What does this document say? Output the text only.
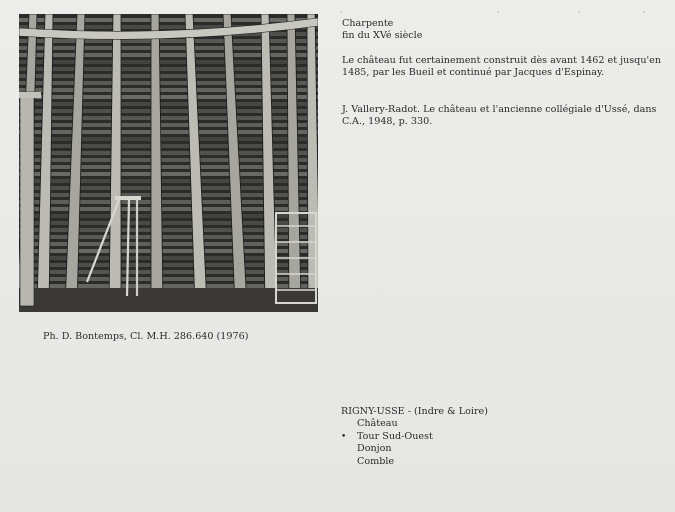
Charpente
fin du XVé siècle
Le château fut certainement construit dès avant 1462 et jusqu'en 1485, par les Bueil et continué par Jacques d'Espinay.
J. Vallery-Radot. Le château et l'ancienne collégiale d'Ussé, dans C.A., 1948, p. 330.
Ph. D. Bontemps, Cl. M.H. 286.640 (1976)
RIGNY-USSE - (Indre & Loire)
Château
• Tour Sud-Ouest
Donjon
Comble
·	·	·	·
